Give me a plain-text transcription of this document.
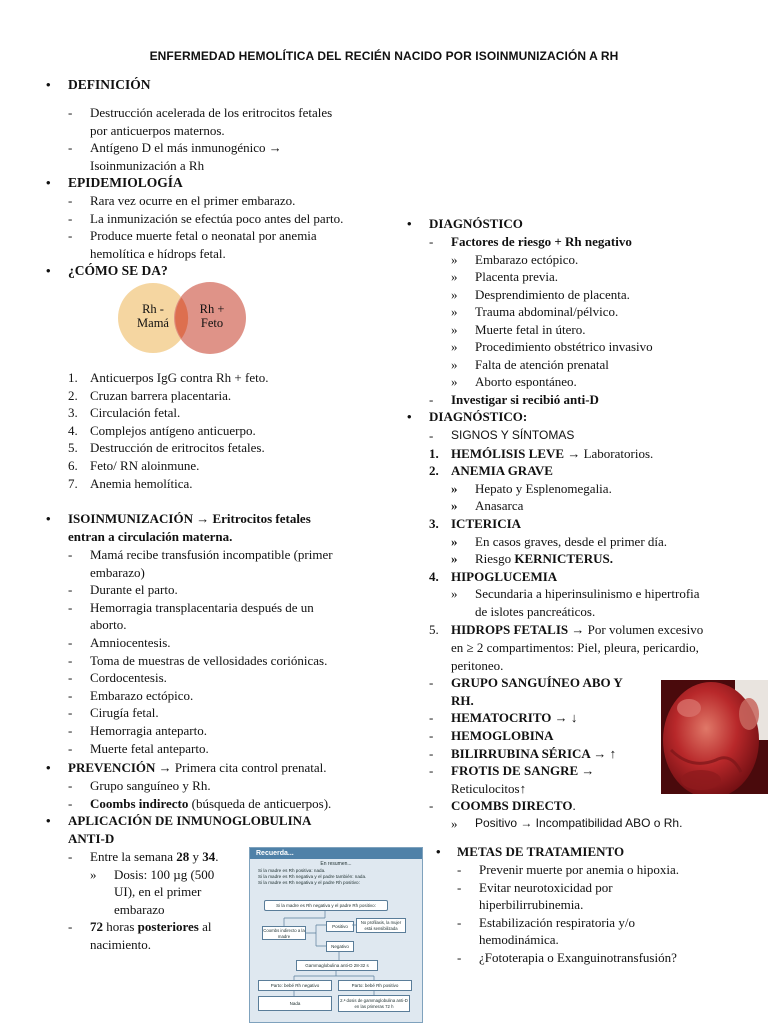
ENFERMEDAD HEMOLÍTICA DEL RECIÉN NACIDO POR ISOINMUNIZACIÓN A RH
• DEFINICIÓN
- Destrucción acelerada de los eritrocitos fetales
por anticuerpos maternos.
- Antígeno D el más inmunogénico →
Isoinmunización a Rh
• EPIDEMIOLOGÍA
- Rara vez ocurre en el primer embarazo.
- La inmunización se efectúa poco antes del parto.
- Produce muerte fetal o neonatal por anemia
hemolítica e hídrops fetal.
• ¿CÓMO SE DA?
Rh -
Mamá
Rh +
Feto
1. Anticuerpos IgG contra Rh + feto.
2. Cruzan barrera placentaria.
3. Circulación fetal.
4. Complejos antígeno anticuerpo.
5. Destrucción de eritrocitos fetales.
6. Feto/ RN aloinmune.
7. Anemia hemolítica.
• ISOINMUNIZACIÓN → Eritrocitos fetales
entran a circulación materna.
- Mamá recibe transfusión incompatible (primer
embarazo)
- Durante el parto.
- Hemorragia transplacentaria después de un
aborto.
- Amniocentesis.
- Toma de muestras de vellosidades coriónicas.
- Cordocentesis.
- Embarazo ectópico.
- Cirugía fetal.
- Hemorragia anteparto.
- Muerte fetal anteparto.
• PREVENCIÓN → Primera cita control prenatal.
- Grupo sanguíneo y Rh.
- Coombs indirecto (búsqueda de anticuerpos).
• APLICACIÓN DE INMUNOGLOBULINA
ANTI-D
- Entre la semana 28 y 34.
» Dosis: 100 µg (500
UI), en el primer
embarazo
- 72 horas posteriores al
nacimiento.
Recuerda...
En resumen...
Si la madre es Rh positiva: nada.
Si la madre es Rh negativa y el padre también: nada.
Si la madre es Rh negativa y el padre Rh positivo:
Si la madre es Rh negativa y el padre Rh positivo:
Coombs indirecto a la madre
Positivo
No profilaxis, la mujer está sensibilizada
Negativo
Gammaglobulina anti-D 28-32 s
Parto: bebé Rh negativo	Parto: bebé Rh positivo
Nada
2.ª dosis de gammaglobulina anti-D en las primeras 72 h
• DIAGNÓSTICO
- Factores de riesgo + Rh negativo
» Embarazo ectópico.
» Placenta previa.
» Desprendimiento de placenta.
» Trauma abdominal/pélvico.
» Muerte fetal in útero.
» Procedimiento obstétrico invasivo
» Falta de atención prenatal
» Aborto espontáneo.
- Investigar si recibió anti-D
• DIAGNÓSTICO:
- SIGNOS Y SÍNTOMAS
1. HEMÓLISIS LEVE → Laboratorios.
2. ANEMIA GRAVE
» Hepato y Esplenomegalia.
» Anasarca
3. ICTERICIA
» En casos graves, desde el primer día.
» Riesgo KERNICTERUS.
4. HIPOGLUCEMIA
» Secundaria a hiperinsulinismo e hipertrofia
de islotes pancreáticos.
5. HIDROPS FETALIS → Por volumen excesivo
en ≥ 2 compartimentos: Piel, pleura, pericardio,
peritoneo.
- GRUPO SANGUÍNEO ABO Y
RH.
- HEMATOCRITO → ↓
- HEMOGLOBINA
- BILIRRUBINA SÉRICA → ↑
- FROTIS DE SANGRE →
Reticulocitos↑
- COOMBS DIRECTO.
» Positivo → Incompatibilidad ABO o Rh.
• METAS DE TRATAMIENTO
- Prevenir muerte por anemia o hipoxia.
- Evitar neurotoxicidad por
hiperbilirrubinemia.
- Estabilización respiratoria y/o
hemodinámica.
- ¿Fototerapia o Exanguinotransfusión?
